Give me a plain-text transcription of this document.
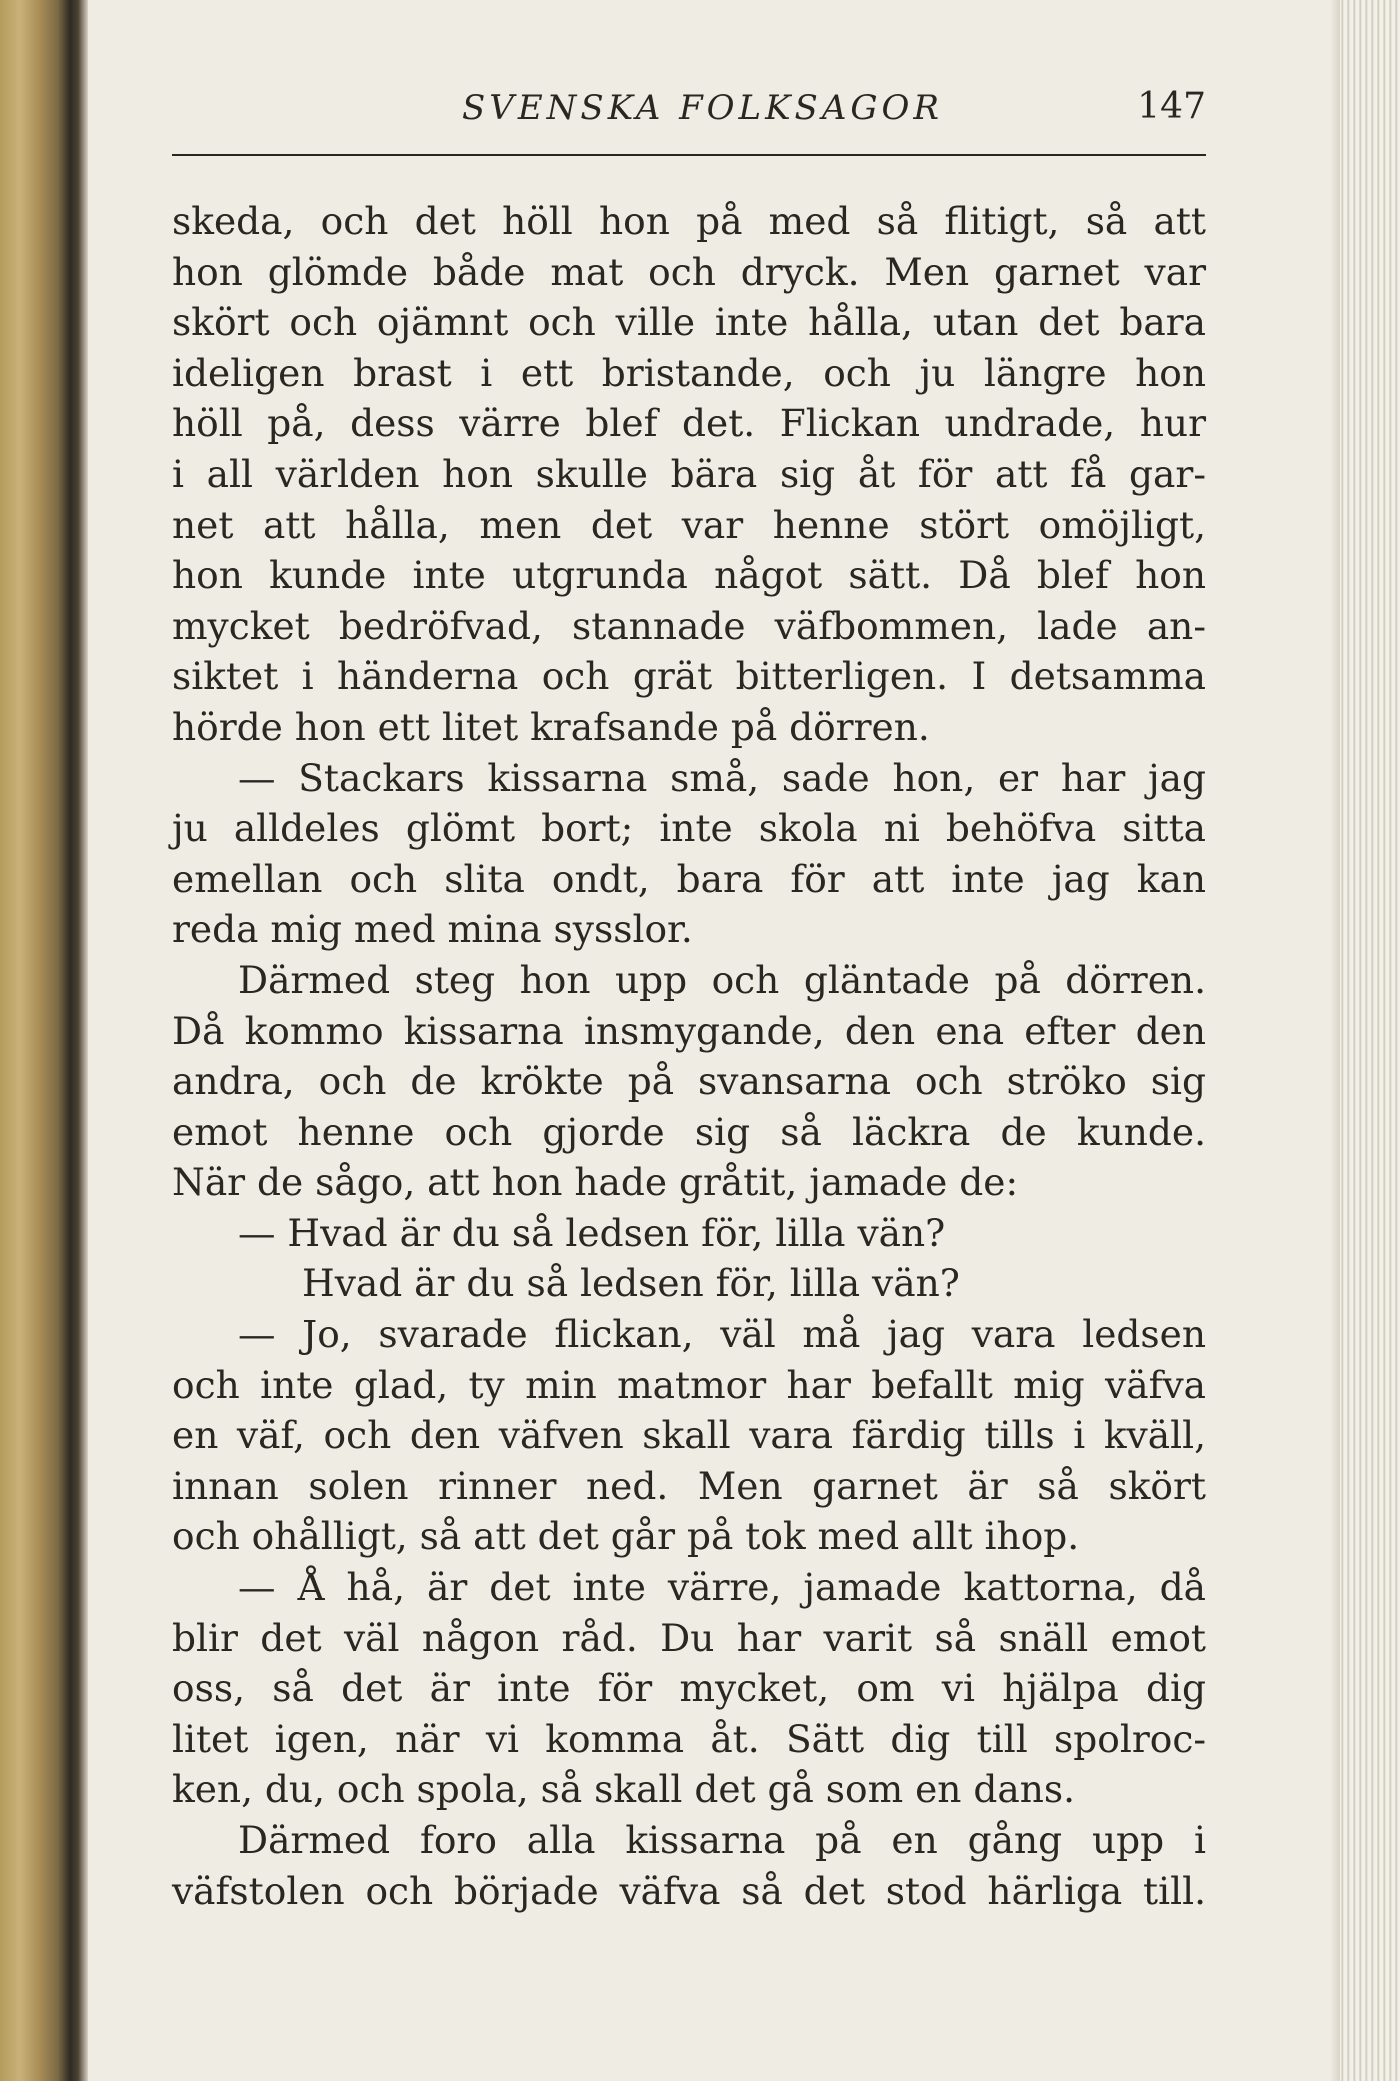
SVENSKA FOLKSAGOR	147
skeda, och det höll hon på med så flitigt, så att
hon glömde både mat och dryck. Men garnet var
skört och ojämnt och ville inte hålla, utan det bara
ideligen brast i ett bristande, och ju längre hon
höll på, dess värre blef det. Flickan undrade, hur
i all världen hon skulle bära sig åt för att få gar-
net att hålla, men det var henne stört omöjligt,
hon kunde inte utgrunda något sätt. Då blef hon
mycket bedröfvad, stannade väfbommen, lade an-
siktet i händerna och grät bitterligen. I detsamma
hörde hon ett litet krafsande på dörren.
— Stackars kissarna små, sade hon, er har jag
ju alldeles glömt bort; inte skola ni behöfva sitta
emellan och slita ondt, bara för att inte jag kan
reda mig med mina sysslor.
Därmed steg hon upp och gläntade på dörren.
Då kommo kissarna insmygande, den ena efter den
andra, och de krökte på svansarna och ströko sig
emot henne och gjorde sig så läckra de kunde.
När de sågo, att hon hade gråtit, jamade de:
— Hvad är du så ledsen för, lilla vän?
Hvad är du så ledsen för, lilla vän?
— Jo, svarade flickan, väl må jag vara ledsen
och inte glad, ty min matmor har befallt mig väfva
en väf, och den väfven skall vara färdig tills i kväll,
innan solen rinner ned. Men garnet är så skört
och ohålligt, så att det går på tok med allt ihop.
— Å hå, är det inte värre, jamade kattorna, då
blir det väl någon råd. Du har varit så snäll emot
oss, så det är inte för mycket, om vi hjälpa dig
litet igen, när vi komma åt. Sätt dig till spolroc-
ken, du, och spola, så skall det gå som en dans.
Därmed foro alla kissarna på en gång upp i
väfstolen och började väfva så det stod härliga till.
